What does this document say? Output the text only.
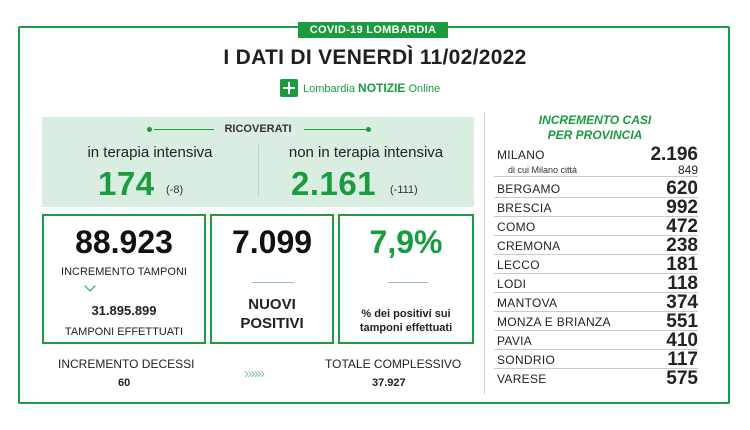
COVID-19 LOMBARDIA
I DATI DI VENERDÌ 11/02/2022
Lombardia NOTIZIE Online
RICOVERATI
in terapia intensiva
174 (-8)
non in terapia intensiva
2.161 (-111)
88.923
INCREMENTO TAMPONI
31.895.899
TAMPONI EFFETTUATI
7.099
NUOVI
POSITIVI
7,9%
% dei positivi sui
tamponi effettuati
INCREMENTO DECESSI
60
»»»
TOTALE COMPLESSIVO
37.927
INCREMENTO CASI
PER PROVINCIA
MILANO	2.196
di cui Milano città	849
BERGAMO	620
BRESCIA	992
COMO	472
CREMONA	238
LECCO	181
LODI	118
MANTOVA	374
MONZA E BRIANZA	551
PAVIA	410
SONDRIO	117
VARESE	575
